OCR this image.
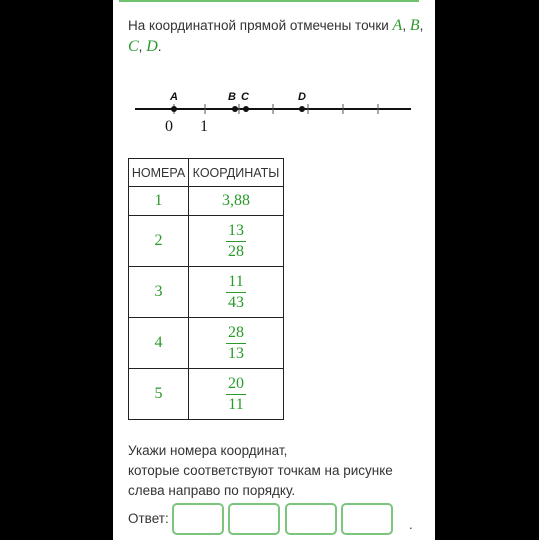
На координатной прямой отмечены точки A, B, C, D.
A	B C	D
0 1
НОМЕРА	КООРДИНАТЫ
1	3,88
2	$\frac{13}{28}$

3	$\frac{11}{43}$

4	$\frac{28}{13}$

5	$\frac{20}{11}$
Укажи номера координат,
которые соответствуют точкам на рисунке
слева направо по порядку.
Ответ:	.
